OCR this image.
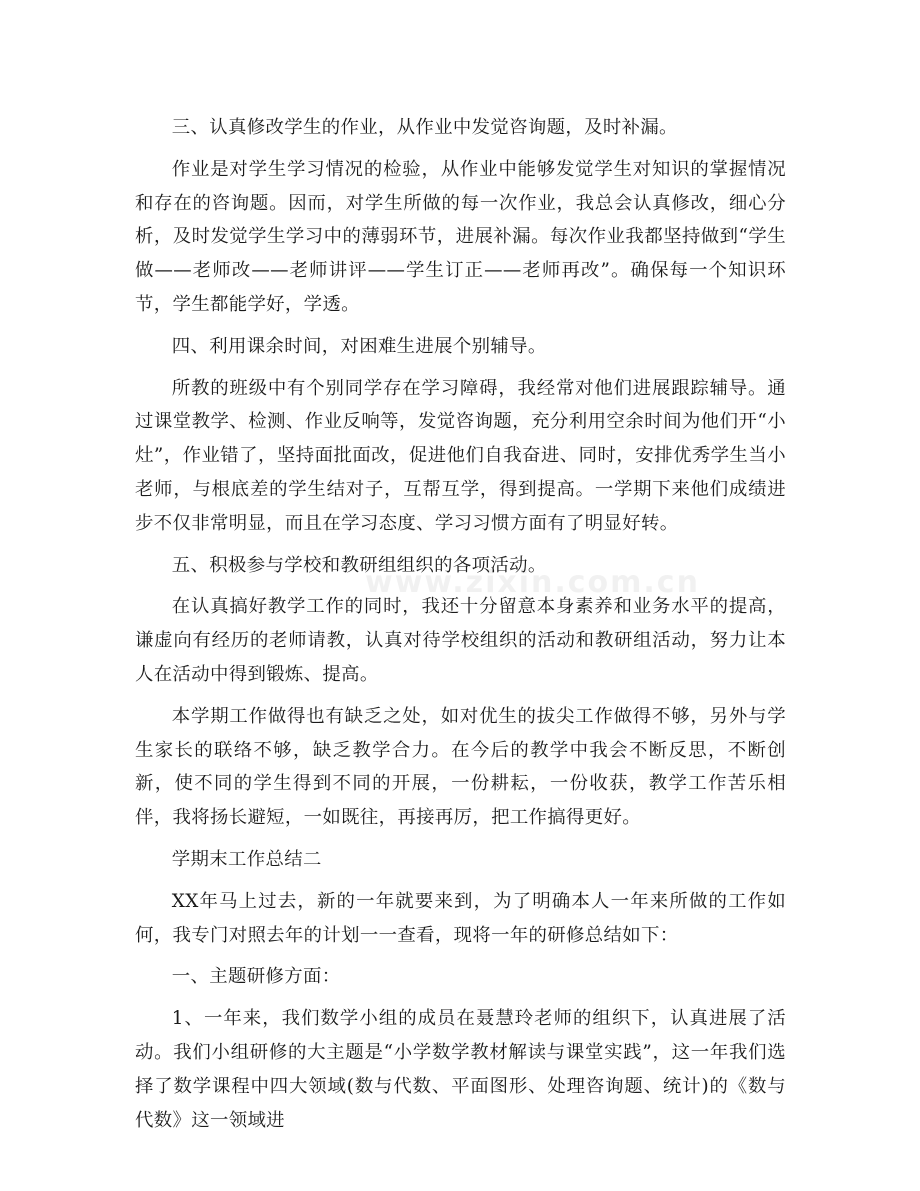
三、认真修改学生的作业，从作业中发觉咨询题，及时补漏。

作业是对学生学习情况的检验，从作业中能够发觉学生对知识的掌握情况和存在的咨询题。因而，对学生所做的每一次作业，我总会认真修改，细心分析，及时发觉学生学习中的薄弱环节，进展补漏。每次作业我都坚持做到“学生做——老师改——老师讲评——学生订正——老师再改”。确保每一个知识环节，学生都能学好，学透。

四、利用课余时间，对困难生进展个别辅导。

所教的班级中有个别同学存在学习障碍，我经常对他们进展跟踪辅导。通过课堂教学、检测、作业反响等，发觉咨询题，充分利用空余时间为他们开“小灶”，作业错了，坚持面批面改，促进他们自我奋进、同时，安排优秀学生当小老师，与根底差的学生结对子，互帮互学，得到提高。一学期下来他们成绩进步不仅非常明显，而且在学习态度、学习习惯方面有了明显好转。

五、积极参与学校和教研组组织的各项活动。

在认真搞好教学工作的同时，我还十分留意本身素养和业务水平的提高，谦虚向有经历的老师请教，认真对待学校组织的活动和教研组活动，努力让本人在活动中得到锻炼、提高。

本学期工作做得也有缺乏之处，如对优生的拔尖工作做得不够，另外与学生家长的联络不够，缺乏教学合力。在今后的教学中我会不断反思，不断创新，使不同的学生得到不同的开展，一份耕耘，一份收获，教学工作苦乐相伴，我将扬长避短，一如既往，再接再厉，把工作搞得更好。

学期末工作总结二

XX年马上过去，新的一年就要来到，为了明确本人一年来所做的工作如何，我专门对照去年的计划一一查看，现将一年的研修总结如下：

一、主题研修方面：

1、一年来，我们数学小组的成员在聂慧玲老师的组织下，认真进展了活动。我们小组研修的大主题是“小学数学教材解读与课堂实践”，这一年我们选择了数学课程中四大领域(数与代数、平面图形、处理咨询题、统计)的《数与代数》这一领域进

www.zixin.com.cn
